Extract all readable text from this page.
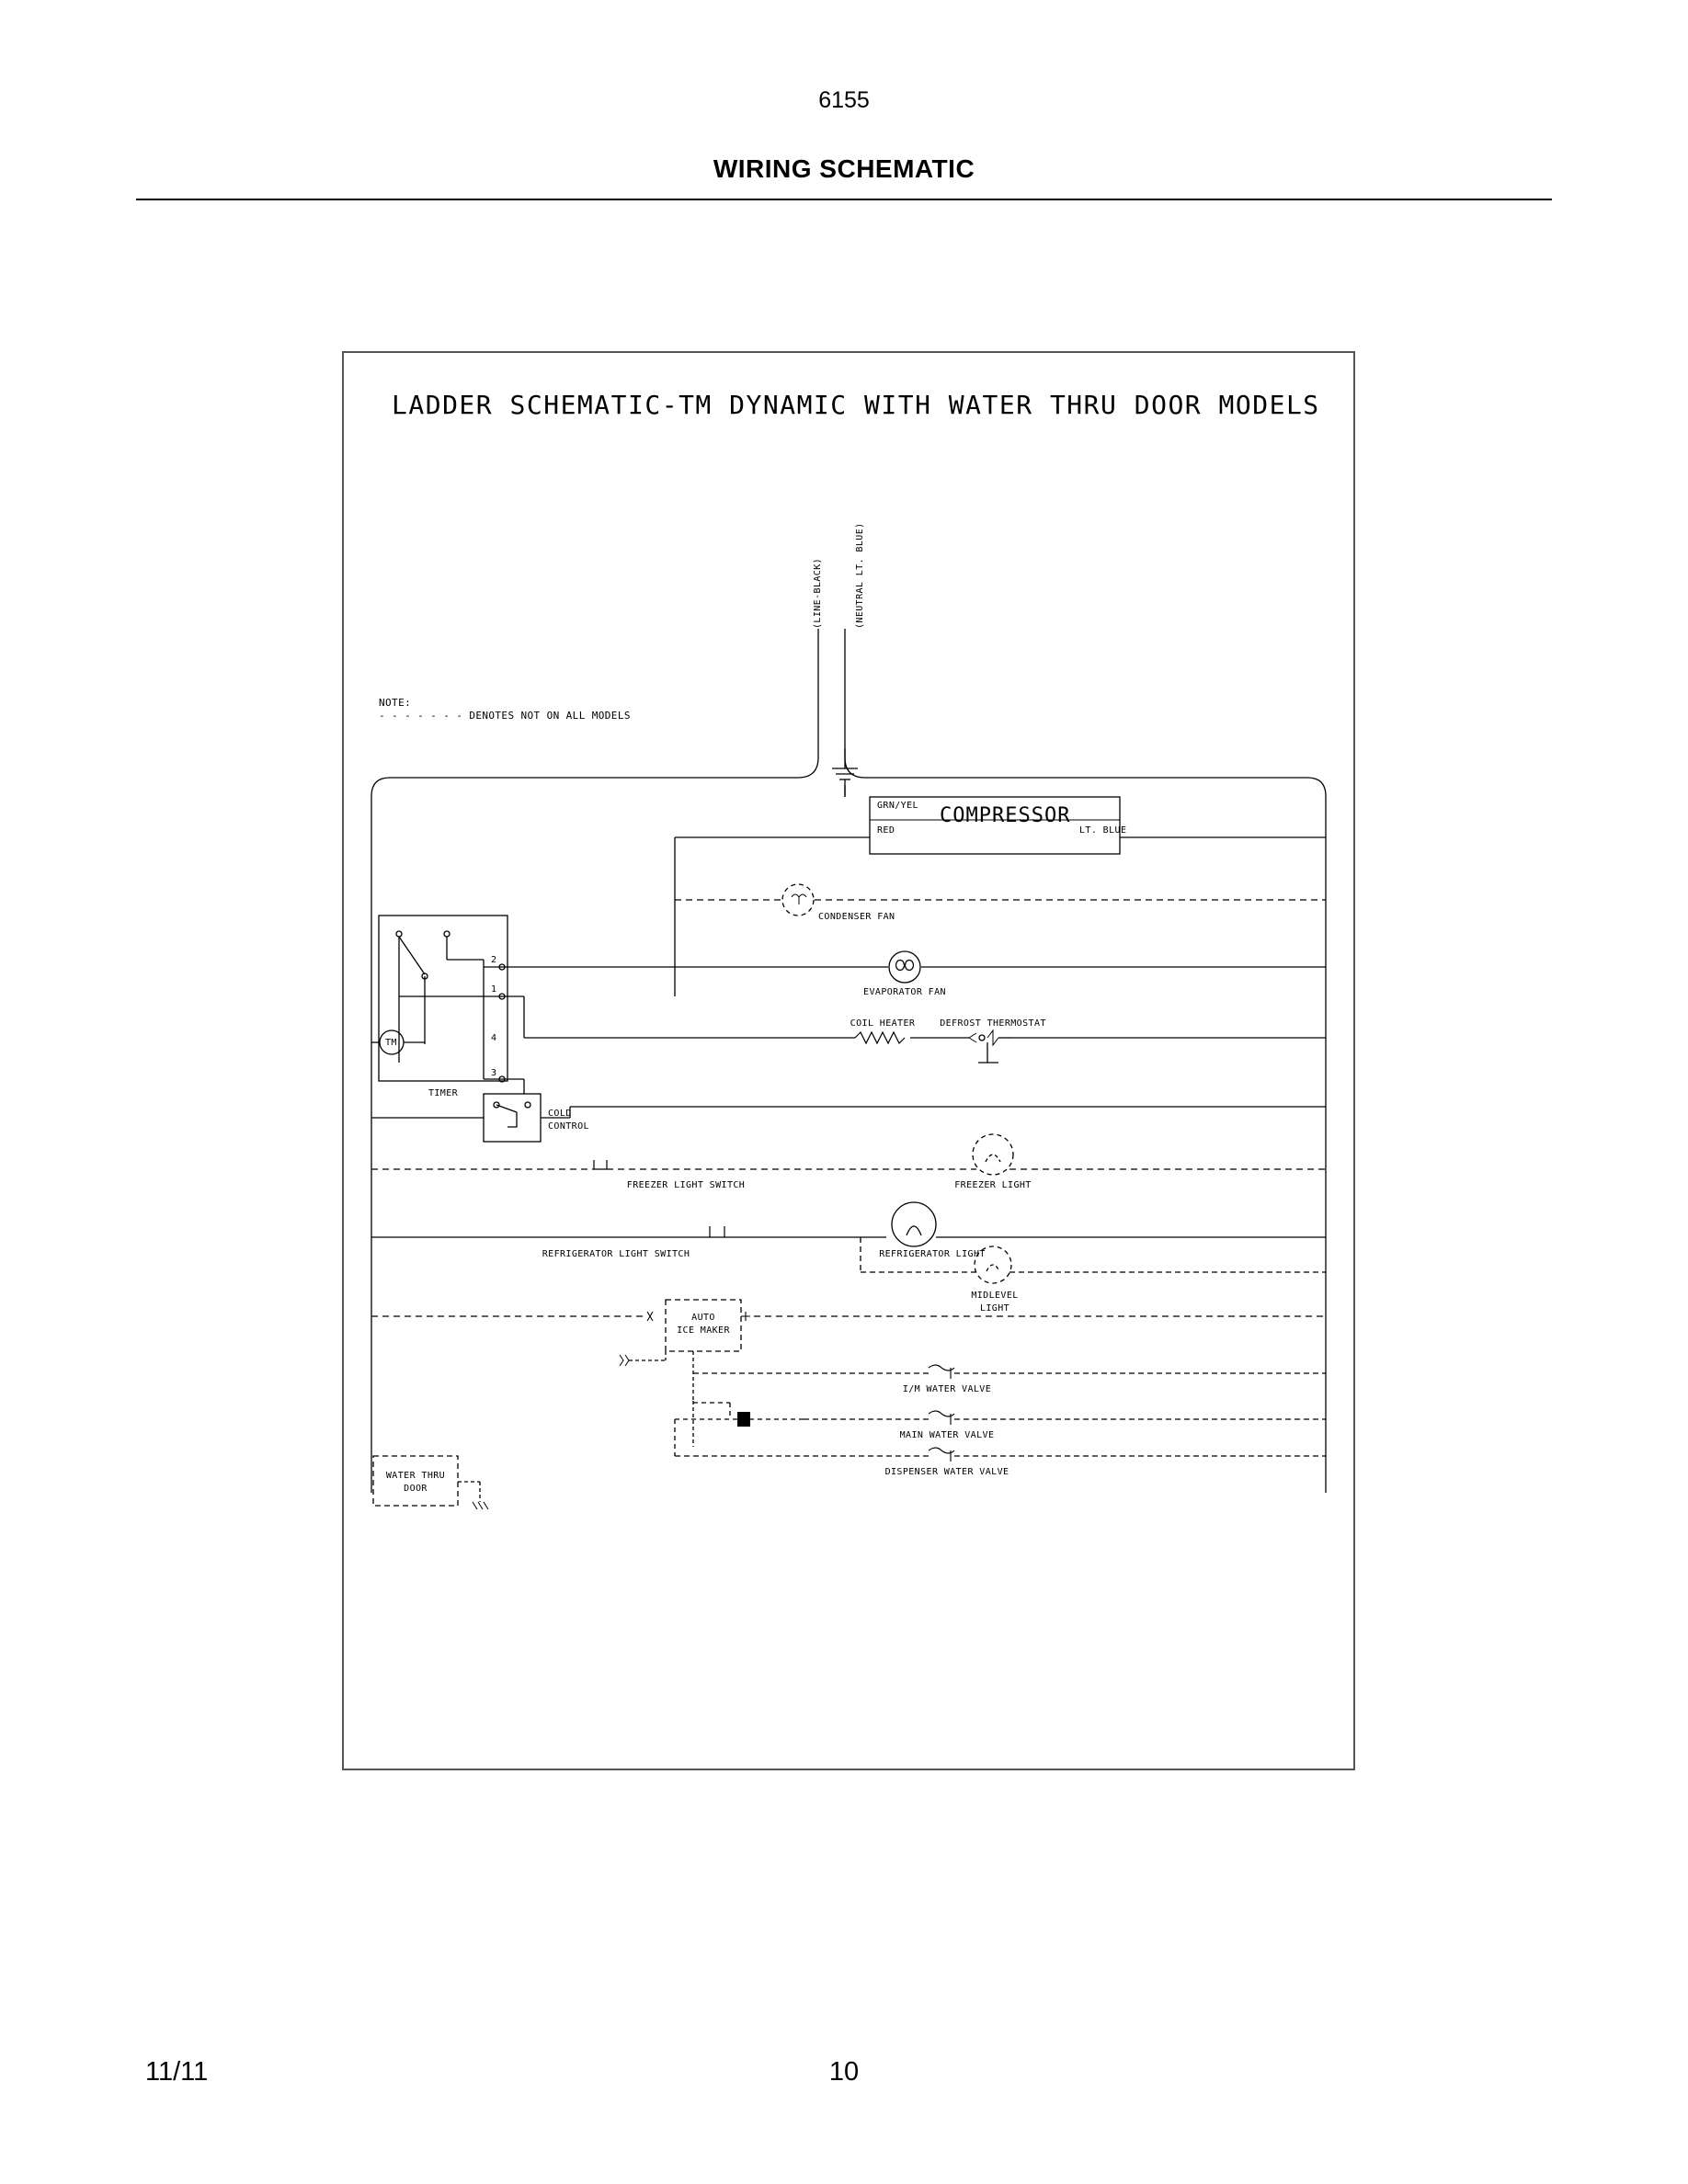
6155
WIRING SCHEMATIC
LADDER SCHEMATIC-TM DYNAMIC WITH WATER THRU DOOR MODELS
(LINE-BLACK)	(NEUTRAL LT. BLUE)
NOTE:
- - - - - - - DENOTES NOT ON ALL MODELS
COMPRESSOR
GRN/YEL
RED	LT. BLUE
CONDENSER FAN
EVAPORATOR FAN
COIL HEATER	DEFROST THERMOSTAT
TIMER
TM
2
1
4
3
COLD
CONTROL
FREEZER LIGHT SWITCH	FREEZER LIGHT
REFRIGERATOR LIGHT SWITCH	REFRIGERATOR LIGHT
MIDLEVEL
LIGHT
AUTO
ICE MAKER
I/M WATER VALVE
MAIN WATER VALVE
DISPENSER WATER VALVE
WATER THRU
DOOR
11/11	10
